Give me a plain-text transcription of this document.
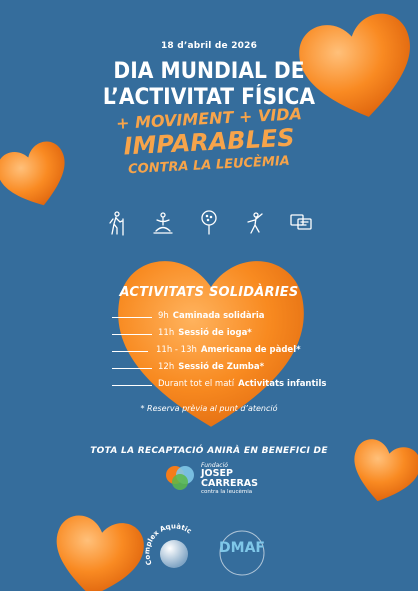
18 d’abril de 2026
DIA MUNDIAL DE
L’ACTIVITAT FÍSICA
+ MOVIMENT + VIDA
IMPARABLES
CONTRA LA LEUCÈMIA
ACTIVITATS SOLIDÀRIES
9h Caminada solidària
11h Sessió de ioga*
11h - 13h Americana de pàdel*
12h Sessió de Zumba*
Durant tot el matí Activitats infantils
* Reserva prèvia al punt d’atenció
TOTA LA RECAPTACIÓ ANIRÀ EN BENEFICI DE
Fundació
JOSEP
CARRERAS
contra la leucèmia
Complex Aquàtic
DMAF
